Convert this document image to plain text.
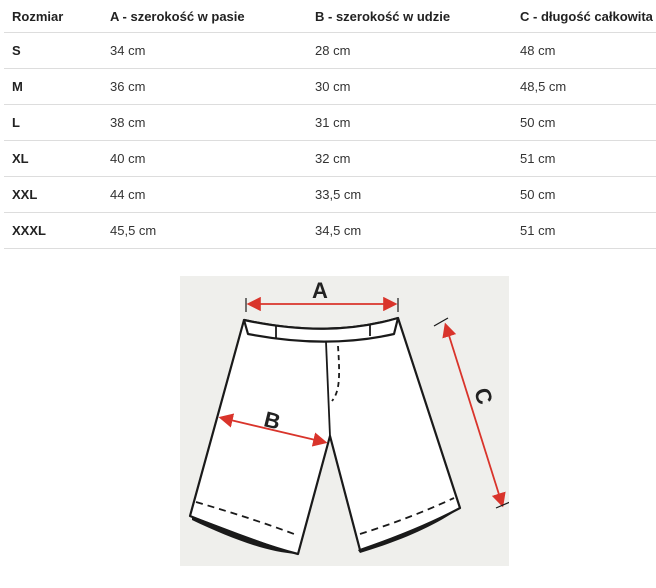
Rozmiar	A - szerokość w pasie	B - szerokość w udzie	C - długość całkowita
S	34 cm	28 cm	48 cm
M	36 cm	30 cm	48,5 cm
L	38 cm	31 cm	50 cm
XL	40 cm	32 cm	51 cm
XXL	44 cm	33,5 cm	50 cm
XXXL	45,5 cm	34,5 cm	51 cm
A
B
C
